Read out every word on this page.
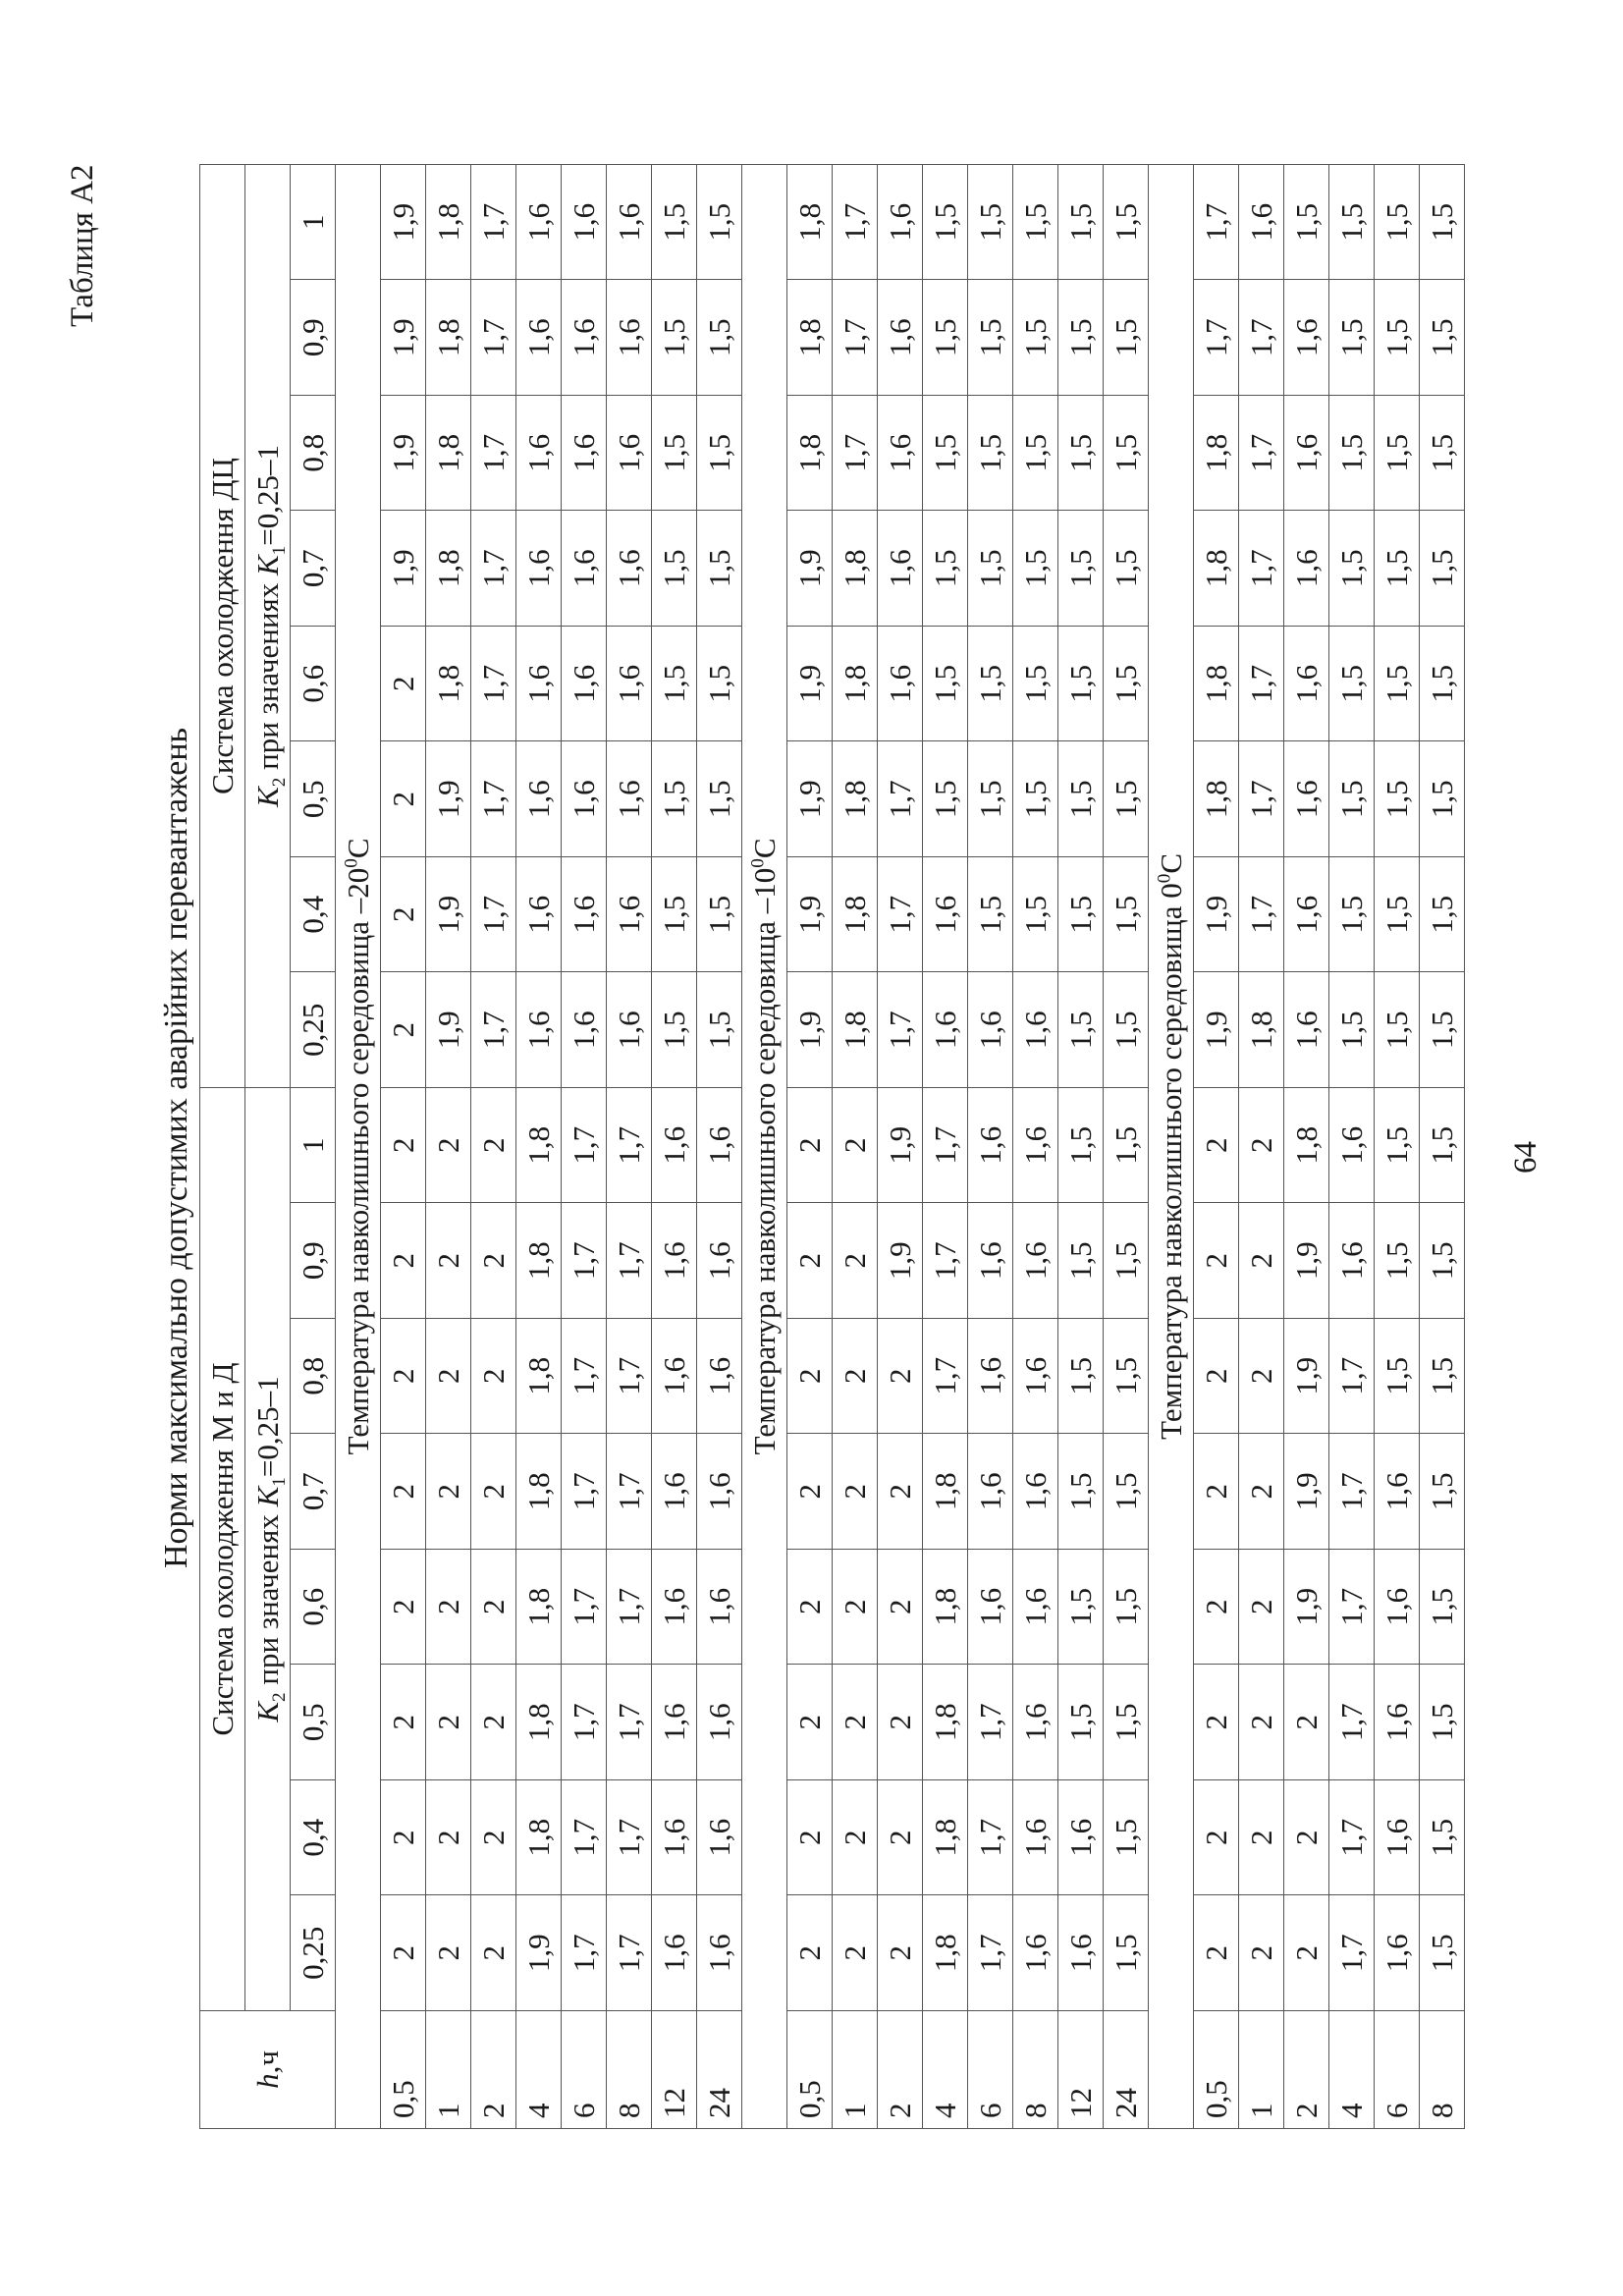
Таблиця А2
Норми максимально допустимих аварійних перевантажень
h,ч	Система охолодження М и Д								Система охолодження ДЦ							
	$K_2$ при значенях $K_1=0,25-1$								$K_2$ при значениях $K_1=0,25-1$							
	0,25	0,4	0,5	0,6	0,7	0,8	0,9	1	0,25	0,4	0,5	0,6	0,7	0,8	0,9	1
Температура навколишнього середовища $-20^0С$																
0,5	2	2	2	2	2	2	2	2	2	2	2	2	1,9	1,9	1,9	1,9
1	2	2	2	2	2	2	2	2	1,9	1,9	1,9	1,8	1,8	1,8	1,8	1,8
2	2	2	2	2	2	2	2	2	1,7	1,7	1,7	1,7	1,7	1,7	1,7	1,7
4	1,9	1,8	1,8	1,8	1,8	1,8	1,8	1,8	1,6	1,6	1,6	1,6	1,6	1,6	1,6	1,6
6	1,7	1,7	1,7	1,7	1,7	1,7	1,7	1,7	1,6	1,6	1,6	1,6	1,6	1,6	1,6	1,6
8	1,7	1,7	1,7	1,7	1,7	1,7	1,7	1,7	1,6	1,6	1,6	1,6	1,6	1,6	1,6	1,6
12	1,6	1,6	1,6	1,6	1,6	1,6	1,6	1,6	1,5	1,5	1,5	1,5	1,5	1,5	1,5	1,5
24	1,6	1,6	1,6	1,6	1,6	1,6	1,6	1,6	1,5	1,5	1,5	1,5	1,5	1,5	1,5	1,5
Температура навколишнього середовища $-10^0С$																
0,5	2	2	2	2	2	2	2	2	1,9	1,9	1,9	1,9	1,9	1,8	1,8	1,8
1	2	2	2	2	2	2	2	2	1,8	1,8	1,8	1,8	1,8	1,7	1,7	1,7
2	2	2	2	2	2	2	1,9	1,9	1,7	1,7	1,7	1,6	1,6	1,6	1,6	1,6
4	1,8	1,8	1,8	1,8	1,8	1,7	1,7	1,7	1,6	1,6	1,5	1,5	1,5	1,5	1,5	1,5
6	1,7	1,7	1,7	1,6	1,6	1,6	1,6	1,6	1,6	1,5	1,5	1,5	1,5	1,5	1,5	1,5
8	1,6	1,6	1,6	1,6	1,6	1,6	1,6	1,6	1,6	1,5	1,5	1,5	1,5	1,5	1,5	1,5
12	1,6	1,6	1,5	1,5	1,5	1,5	1,5	1,5	1,5	1,5	1,5	1,5	1,5	1,5	1,5	1,5
24	1,5	1,5	1,5	1,5	1,5	1,5	1,5	1,5	1,5	1,5	1,5	1,5	1,5	1,5	1,5	1,5
Температура навколишнього середовища $0^0С$																
0,5	2	2	2	2	2	2	2	2	1,9	1,9	1,8	1,8	1,8	1,8	1,7	1,7
1	2	2	2	2	2	2	2	2	1,8	1,7	1,7	1,7	1,7	1,7	1,7	1,6
2	2	2	2	1,9	1,9	1,9	1,9	1,8	1,6	1,6	1,6	1,6	1,6	1,6	1,6	1,5
4	1,7	1,7	1,7	1,7	1,7	1,7	1,6	1,6	1,5	1,5	1,5	1,5	1,5	1,5	1,5	1,5
6	1,6	1,6	1,6	1,6	1,6	1,5	1,5	1,5	1,5	1,5	1,5	1,5	1,5	1,5	1,5	1,5
8	1,5	1,5	1,5	1,5	1,5	1,5	1,5	1,5	1,5	1,5	1,5	1,5	1,5	1,5	1,5	1,5
64
